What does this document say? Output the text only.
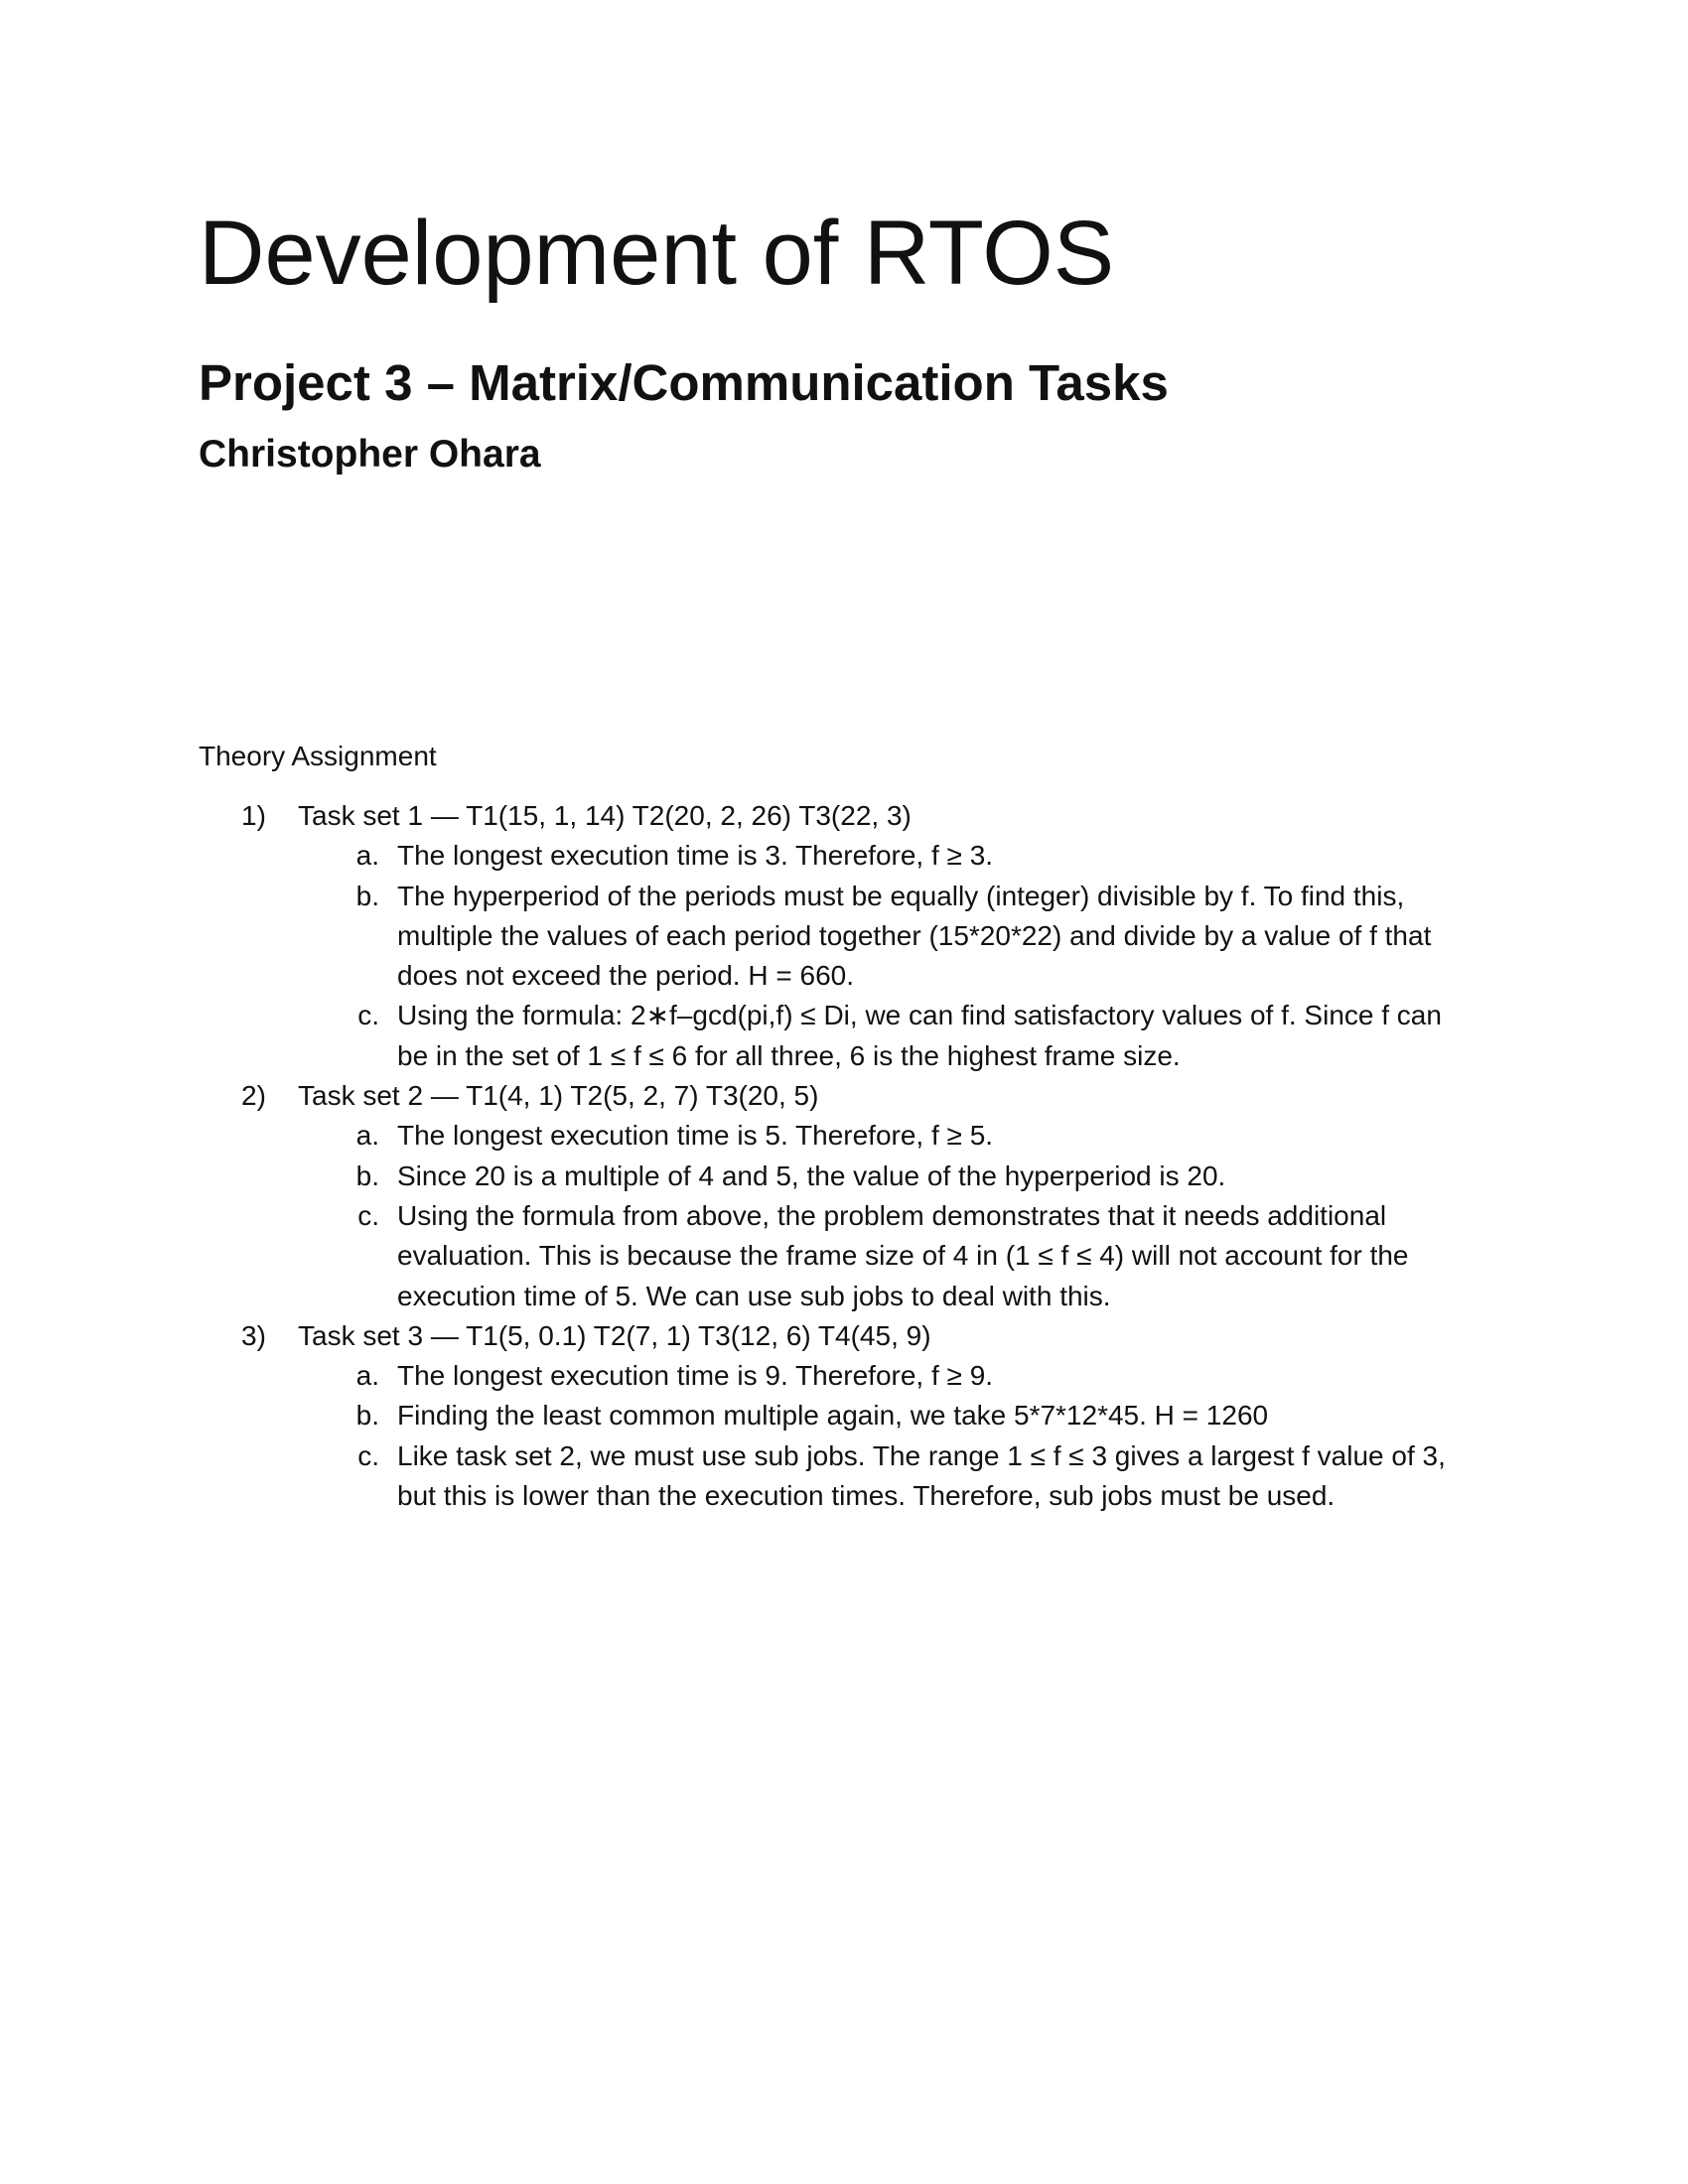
Development of RTOS
Project 3 – Matrix/Communication Tasks
Christopher Ohara
Theory Assignment
1)	Task set 1 — T1(15, 1, 14) T2(20, 2, 26) T3(22, 3)
a. The longest execution time is 3. Therefore, f ≥ 3.
b. The hyperperiod of the periods must be equally (integer) divisible by f. To find this, multiple the values of each period together (15*20*22) and divide by a value of f that does not exceed the period. H = 660.
c. Using the formula: 2∗f–gcd(pi,f) ≤ Di, we can find satisfactory values of f. Since f can be in the set of 1 ≤ f ≤ 6 for all three, 6 is the highest frame size.
2)	Task set 2 — T1(4, 1) T2(5, 2, 7) T3(20, 5)
a. The longest execution time is 5. Therefore, f ≥ 5.
b. Since 20 is a multiple of 4 and 5, the value of the hyperperiod is 20.
c. Using the formula from above, the problem demonstrates that it needs additional evaluation. This is because the frame size of 4 in (1 ≤ f ≤ 4) will not account for the execution time of 5. We can use sub jobs to deal with this.
3)	Task set 3 — T1(5, 0.1) T2(7, 1) T3(12, 6) T4(45, 9)
a. The longest execution time is 9. Therefore, f ≥ 9.
b. Finding the least common multiple again, we take 5*7*12*45. H = 1260
c. Like task set 2, we must use sub jobs. The range 1 ≤ f ≤ 3 gives a largest f value of 3, but this is lower than the execution times. Therefore, sub jobs must be used.
